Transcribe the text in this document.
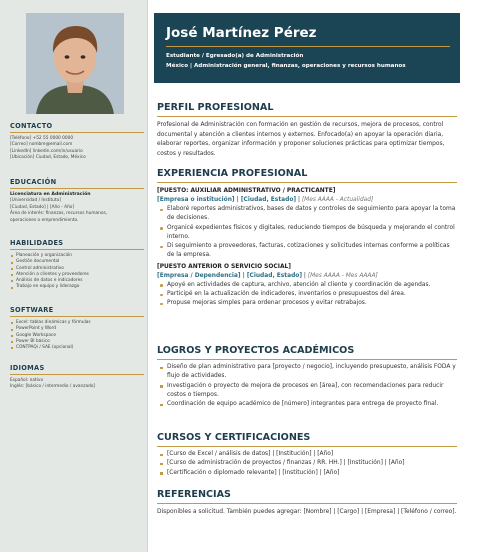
CONTACTO
[Teléfono] +52 55 0000 0000
[Correo] nombre@email.com
[LinkedIn] linkedin.com/in/usuario
[Ubicación] Ciudad, Estado, México
EDUCACIÓN
Licenciatura en Administración
[Universidad / Instituto]
[Ciudad, Estado] | [Año - Año]
Área de interés: finanzas, recursos humanos,
operaciones o emprendimiento.
HABILIDADES
Planeación y organización
Gestión documental
Control administrativo
Atención a clientes y proveedores
Análisis de datos e indicadores
Trabajo en equipo y liderazgo
SOFTWARE
Excel: tablas dinámicas y fórmulas
PowerPoint y Word
Google Workspace
Power BI básico
CONTPAQi / SAE (opcional)
IDIOMAS
Español: nativo
Inglés: [básico / intermedio / avanzado]
José Martínez Pérez
Estudiante / Egresado(a) de Administración
México | Administración general, finanzas, operaciones y recursos humanos
PERFIL PROFESIONAL
Profesional de Administración con formación en gestión de recursos, mejora de procesos, control documental y atención a clientes internos y externos. Enfocado(a) en apoyar la operación diaria, elaborar reportes, organizar información y proponer soluciones prácticas para optimizar tiempos, costos y resultados.
EXPERIENCIA PROFESIONAL
[PUESTO: AUXILIAR ADMINISTRATIVO / PRACTICANTE]
[Empresa o institución] | [Ciudad, Estado] | [Mes AAAA - Actualidad]
Elaboré reportes administrativos, bases de datos y controles de seguimiento para apoyar la toma de decisiones.
Organicé expedientes físicos y digitales, reduciendo tiempos de búsqueda y mejorando el control interno.
Di seguimiento a proveedores, facturas, cotizaciones y solicitudes internas conforme a políticas de la empresa.
[PUESTO ANTERIOR O SERVICIO SOCIAL]
[Empresa / Dependencia] | [Ciudad, Estado] | [Mes AAAA - Mes AAAA]
Apoyé en actividades de captura, archivo, atención al cliente y coordinación de agendas.
Participé en la actualización de indicadores, inventarios o presupuestos del área.
Propuse mejoras simples para ordenar procesos y evitar retrabajos.
LOGROS Y PROYECTOS ACADÉMICOS
Diseño de plan administrativo para [proyecto / negocio], incluyendo presupuesto, análisis FODA y flujo de actividades.
Investigación o proyecto de mejora de procesos en [área], con recomendaciones para reducir costos o tiempos.
Coordinación de equipo académico de [número] integrantes para entrega de proyecto final.
CURSOS Y CERTIFICACIONES
[Curso de Excel / análisis de datos] | [Institución] | [Año]
[Curso de administración de proyectos / finanzas / RR. HH.] | [Institución] | [Año]
[Certificación o diplomado relevante] | [Institución] | [Año]
REFERENCIAS
Disponibles a solicitud. También puedes agregar: [Nombre] | [Cargo] | [Empresa] | [Teléfono / correo].
